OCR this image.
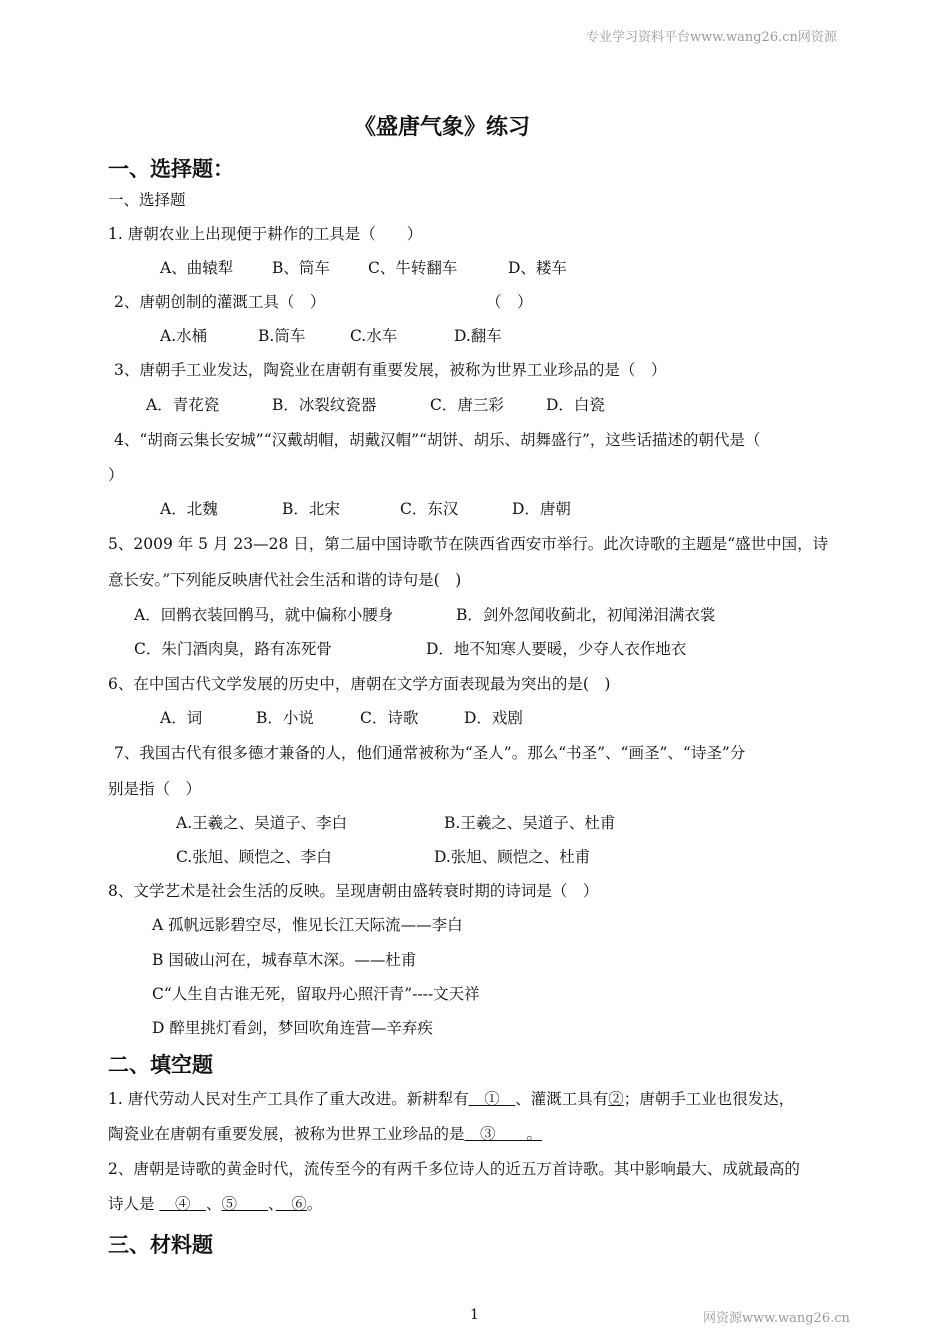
专业学习资料平台www.wang26.cn网资源
《盛唐气象》练习
一、选择题：
一、选择题
1. 唐朝农业上出现便于耕作的工具是（　　）
A、曲辕犁	B、筒车 C、牛转翻车	D、耧车
2、唐朝创制的灌溉工具（　）	（　）
A.水桶	B.筒车	C.水车	D.翻车
3、唐朝手工业发达，陶瓷业在唐朝有重要发展，被称为世界工业珍品的是（　）
A．青花瓷	B．冰裂纹瓷器	C．唐三彩	D．白瓷
4、“胡商云集长安城”“汉戴胡帽，胡戴汉帽”“胡饼、胡乐、胡舞盛行”，这些话描述的朝代是（
）
A．北魏	B．北宋	C．东汉	D．唐朝
5、2009 年 5 月 23—28 日，第二届中国诗歌节在陕西省西安市举行。此次诗歌的主题是“盛世中国，诗
意长安。”下列能反映唐代社会生活和谐的诗句是(　)
A．回鹘衣装回鹘马，就中偏称小腰身	B．剑外忽闻收蓟北，初闻涕泪满衣裳
C．朱门酒肉臭，路有冻死骨	D．地不知寒人要暖，少夺人衣作地衣
6、在中国古代文学发展的历史中，唐朝在文学方面表现最为突出的是(　)
A．词	B．小说	C．诗歌	D．戏剧
7、我国古代有很多德才兼备的人，他们通常被称为“圣人”。那么“书圣”、“画圣”、“诗圣”分
别是指（　）
A.王羲之、吴道子、李白	B.王羲之、吴道子、杜甫
C.张旭、顾恺之、李白	D.张旭、顾恺之、杜甫
8、文学艺术是社会生活的反映。呈现唐朝由盛转衰时期的诗词是（　）
A 孤帆远影碧空尽，惟见长江天际流——李白
B 国破山河在，城春草木深。——杜甫
C“人生自古谁无死，留取丹心照汗青”----文天祥
D 醉里挑灯看剑，梦回吹角连营—辛弃疾
二、填空题
1. 唐代劳动人民对生产工具作了重大改进。新耕犁有　①　、灌溉工具有②；唐朝手工业也很发达，
陶瓷业在唐朝有重要发展，被称为世界工业珍品的是　③　　。
2、唐朝是诗歌的黄金时代，流传至今的有两千多位诗人的近五万首诗歌。其中影响最大、成就最高的
诗人是 　④　、⑤　　、　⑥。
三、材料题
1	网资源www.wang26.cn
